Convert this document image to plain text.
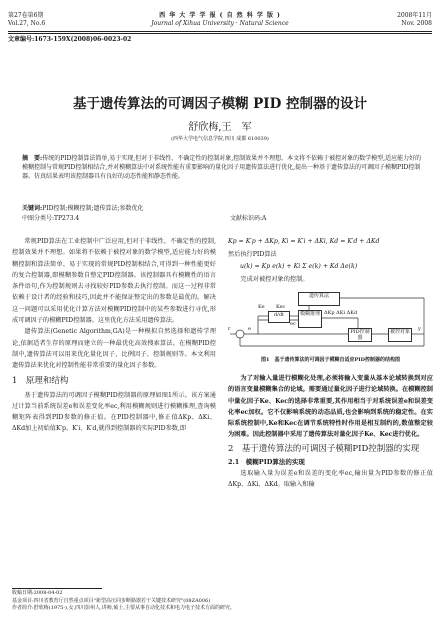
第27卷第6期
Vol.27, No.6
西 华 大 学 学 报 ( 自 然 科 学 版 )
Journal of Xihua University · Natural Science
2008年11月
Nov. 2008
文章编号:1673-159X(2008)06-0023-02
基于遗传算法的可调因子模糊 PID 控制器的设计
舒欣梅,王　军
(西华大学电气信息学院,四川 成都 610039)
摘　要:传统的PID控制算法简单,易于实现,但对于非线性、不确定性的控制对象,控制效果并不理想。本文将不依赖于被控对象的数学模型,适应能力好的模糊控制与常规PID控制相结合,并对模糊算法中对系统性能有重要影响的量化因子用遗传算法进行优化,提出一种基于遗传算法的可调因子模糊PID控制器。仿真结果表明该控制器具有良好的动态性能和静态性能。
关键词:PID控制;模糊控制;遗传算法;参数优化
中图分类号:TP273.4	文献标识码:A

常规PID算法在工业控制中广泛应用,但对于非线性、不确定性的控制,控制效果并不理想。如果将不依赖于被控对象的数学模型,适应能力好的模糊控制和算法简单、易于实现的常规PID控制相结合,可得到一种性能更好的复合控制器,即模糊参数自整定PID控制器。该控制器具有模糊性的语言条件语句,作为控制规则去寻找较好PID参数去执行控制。而这一过程非常依赖于设计者的经验和技巧,因此并不能保证整定出的参数是最优的。解决这一问题可以采用优化计算方法对模糊PID控制中的某些参数进行寻优,形成可调因子的模糊PID控制器。这里优化方法采用遗传算法。

遗传算法(Genetic Algorithm,GA)是一种模拟自然选择和遗传学理论,依据适者生存的原理而建立的一种最优化高效搜索算法。在模糊PID控制中,遗传算法可以用来优化量化因子、比例因子、控制规则等。本文利用遗传算法来优化对控制性能非常重要的量化因子参数。

1　原理和结构

基于遗传算法的可调因子模糊PID控制器的原理如图1所示。该方案通过计算当前系统误差e和误差变化率ec,利用模糊规则进行模糊推理,查询模糊矩阵表得到PID参数的修正值。在PID控制器中,修正值ΔKp、ΔKi、ΔKd加上初始值K′p、K′i、K′d,就得到控制器的实际PID参数,即

Kp = K′p + ΔKp, Ki = K′i + ΔKi, Kd = K′d + ΔKd
然后执行PID算法
u(k) = Kp e(k) + Ki Σ e(k) + Kd Δe(k)
完成对被控对象的控制。
d/dt	模糊推理
遗传算法
PID控制器
被控对象
r	e
ec
y
Ke Kec
ΔKp ΔKi ΔKd
图1　基于遗传算法的可调因子模糊自适应PID控制器的结构图

为了对输入量进行模糊化处理,必须将输入变量从基本论域转换到对应的语言变量模糊集合的论域。需要通过量化因子进行论域转换。在模糊控制中量化因子Ke、Kec的选择非常重要,其作用相当于对系统误差e和误差变化率ec加权。它不仅影响系统的动态品质,也会影响到系统的稳定性。在实际系统控制中,Ke和Kec在调节系统特性时作用是相互制约的,数值整定较为困难。因此控制器中采用了遗传算法对量化因子Ke、Kec进行优化。

2　基于遗传算法的可调因子模糊PID控制器的实现
2.1　模糊PID算法的实现

选取输入量为误差e和误差的变化率ec,输出量为PID参数的修正值ΔKp、ΔKi、ΔKd。取输入和输

收稿日期:2008-04-02
基金项目:四川省教育厅自然重点项目"新型高压同步断路器若干关键技术研究"(08ZA006)
作者简介:舒欣梅(1975-),女,四川彭州人,讲师,硕士,主要从事自动化技术和电力电子技术方面的研究。
